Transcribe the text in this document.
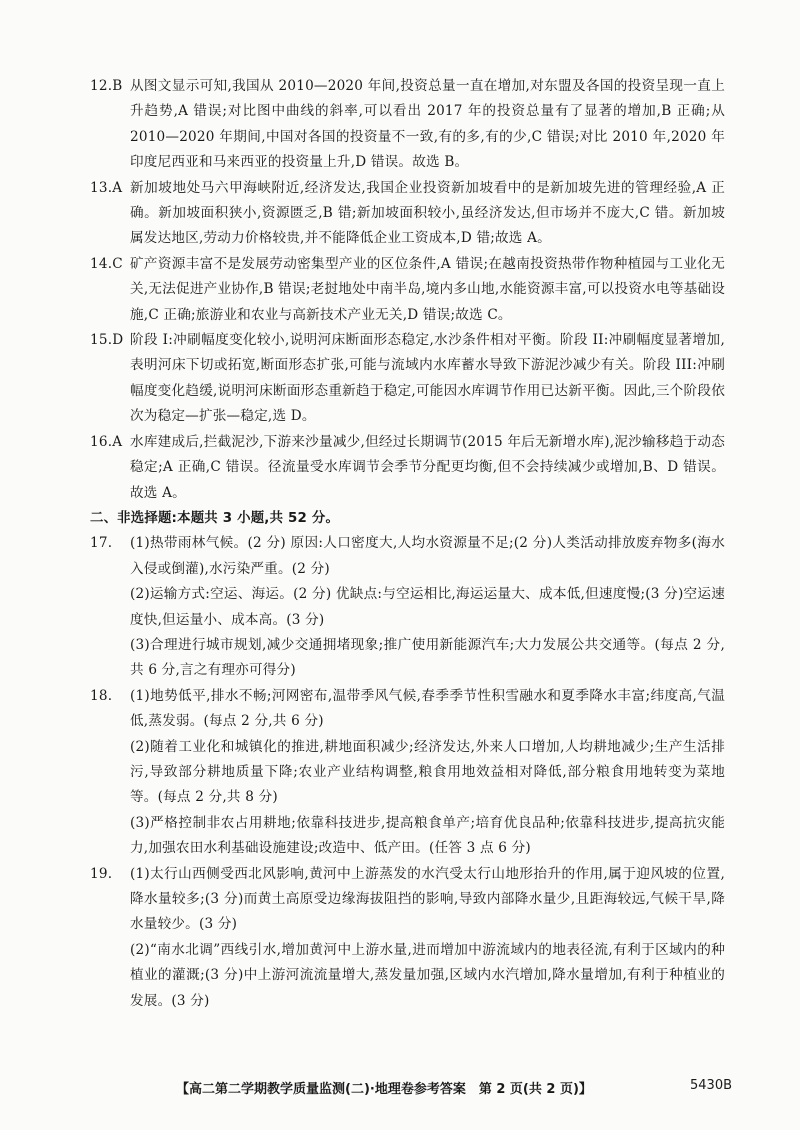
12.B 从图文显示可知,我国从 2010—2020 年间,投资总量一直在增加,对东盟及各国的投资呈现一直上升趋势,A 错误;对比图中曲线的斜率,可以看出 2017 年的投资总量有了显著的增加,B 正确;从 2010—2020 年期间,中国对各国的投资量不一致,有的多,有的少,C 错误;对比 2010 年,2020 年印度尼西亚和马来西亚的投资量上升,D 错误。故选 B。
13.A 新加坡地处马六甲海峡附近,经济发达,我国企业投资新加坡看中的是新加坡先进的管理经验,A 正确。新加坡面积狭小,资源匮乏,B 错;新加坡面积较小,虽经济发达,但市场并不庞大,C 错。新加坡属发达地区,劳动力价格较贵,并不能降低企业工资成本,D 错;故选 A。
14.C 矿产资源丰富不是发展劳动密集型产业的区位条件,A 错误;在越南投资热带作物种植园与工业化无关,无法促进产业协作,B 错误;老挝地处中南半岛,境内多山地,水能资源丰富,可以投资水电等基础设施,C 正确;旅游业和农业与高新技术产业无关,D 错误;故选 C。
15.D 阶段 I:冲刷幅度变化较小,说明河床断面形态稳定,水沙条件相对平衡。阶段 II:冲刷幅度显著增加,表明河床下切或拓宽,断面形态扩张,可能与流域内水库蓄水导致下游泥沙减少有关。阶段 III:冲刷幅度变化趋缓,说明河床断面形态重新趋于稳定,可能因水库调节作用已达新平衡。因此,三个阶段依次为稳定—扩张—稳定,选 D。
16.A 水库建成后,拦截泥沙,下游来沙量减少,但经过长期调节(2015 年后无新增水库),泥沙输移趋于动态稳定;A 正确,C 错误。径流量受水库调节会季节分配更均衡,但不会持续减少或增加,B、D 错误。故选 A。
二、非选择题:本题共 3 小题,共 52 分。
17.	(1)热带雨林气候。(2 分) 原因:人口密度大,人均水资源量不足;(2 分)人类活动排放废弃物多(海水入侵或倒灌),水污染严重。(2 分)
(2)运输方式:空运、海运。(2 分) 优缺点:与空运相比,海运运量大、成本低,但速度慢;(3 分)空运速度快,但运量小、成本高。(3 分)
(3)合理进行城市规划,减少交通拥堵现象;推广使用新能源汽车;大力发展公共交通等。(每点 2 分,共 6 分,言之有理亦可得分)
18.	(1)地势低平,排水不畅;河网密布,温带季风气候,春季季节性积雪融水和夏季降水丰富;纬度高,气温低,蒸发弱。(每点 2 分,共 6 分)
(2)随着工业化和城镇化的推进,耕地面积减少;经济发达,外来人口增加,人均耕地减少;生产生活排污,导致部分耕地质量下降;农业产业结构调整,粮食用地效益相对降低,部分粮食用地转变为菜地等。(每点 2 分,共 8 分)
(3)严格控制非农占用耕地;依靠科技进步,提高粮食单产;培育优良品种;依靠科技进步,提高抗灾能力,加强农田水利基础设施建设;改造中、低产田。(任答 3 点 6 分)
19.	(1)太行山西侧受西北风影响,黄河中上游蒸发的水汽受太行山地形抬升的作用,属于迎风坡的位置,降水量较多;(3 分)而黄土高原受边缘海拔阻挡的影响,导致内部降水量少,且距海较远,气候干旱,降水量较少。(3 分)
(2)“南水北调”西线引水,增加黄河中上游水量,进而增加中游流域内的地表径流,有利于区域内的种植业的灌溉;(3 分)中上游河流流量增大,蒸发量加强,区域内水汽增加,降水量增加,有利于种植业的发展。(3 分)
【高二第二学期教学质量监测(二)·地理卷参考答案　第 2 页(共 2 页)】	5430B
